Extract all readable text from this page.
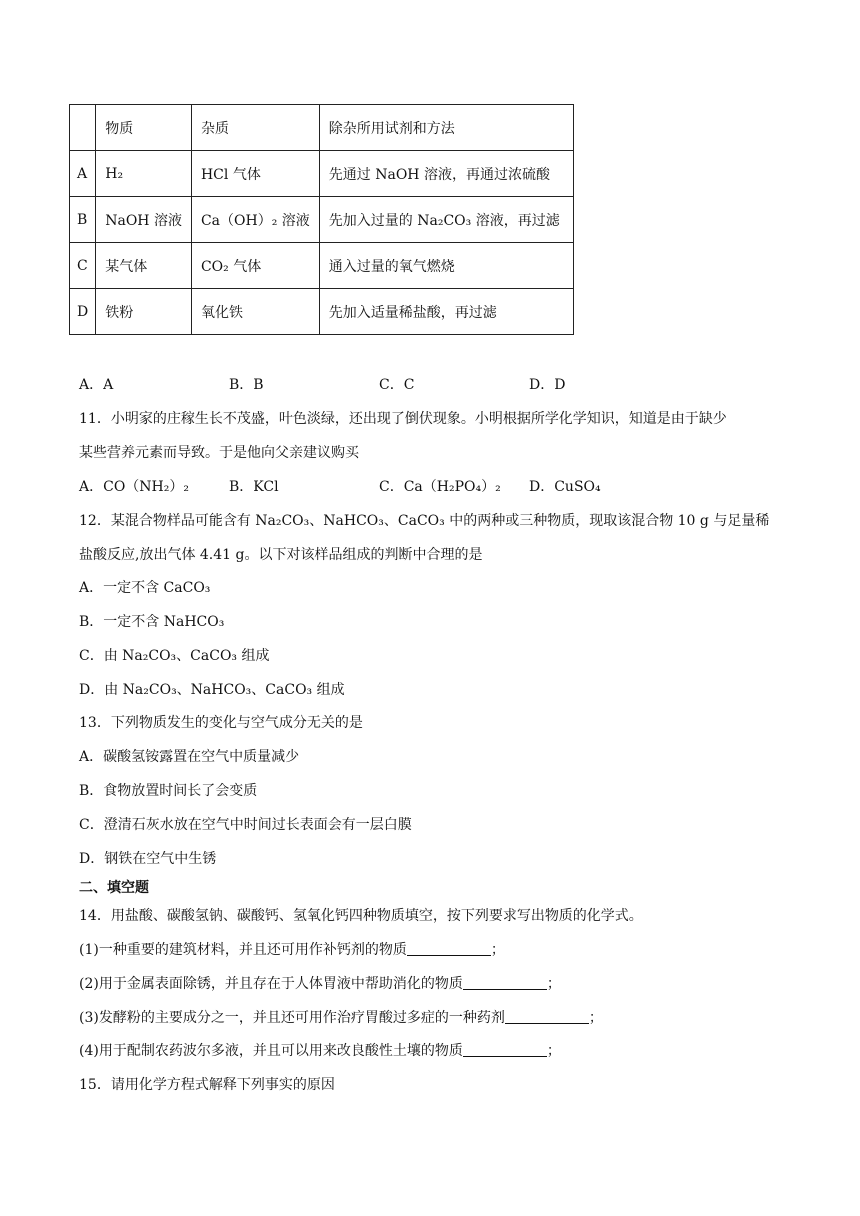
	物质	杂质	除杂所用试剂和方法
A	H₂	HCl 气体	先通过 NaOH 溶液，再通过浓硫酸
B	NaOH 溶液	Ca（OH）₂ 溶液	先加入过量的 Na₂CO₃ 溶液，再过滤
C	某气体	CO₂ 气体	通入过量的氧气燃烧
D	铁粉	氧化铁	先加入适量稀盐酸，再过滤
A．A	B．B	C．C	D．D
11．小明家的庄稼生长不茂盛，叶色淡绿，还出现了倒伏现象。小明根据所学化学知识，知道是由于缺少
某些营养元素而导致。于是他向父亲建议购买
A．CO（NH₂）₂	B．KCl	C．Ca（H₂PO₄）₂ D．CuSO₄
12．某混合物样品可能含有 Na₂CO₃、NaHCO₃、CaCO₃ 中的两种或三种物质，现取该混合物 10 g 与足量稀
盐酸反应,放出气体 4.41 g。以下对该样品组成的判断中合理的是
A．一定不含 CaCO₃
B．一定不含 NaHCO₃
C．由 Na₂CO₃、CaCO₃ 组成
D．由 Na₂CO₃、NaHCO₃、CaCO₃ 组成
13．下列物质发生的变化与空气成分无关的是
A．碳酸氢铵露置在空气中质量减少
B．食物放置时间长了会变质
C．澄清石灰水放在空气中时间过长表面会有一层白膜
D．钢铁在空气中生锈
二、填空题
14．用盐酸、碳酸氢钠、碳酸钙、氢氧化钙四种物质填空，按下列要求写出物质的化学式。
(1)一种重要的建筑材料，并且还可用作补钙剂的物质	；
(2)用于金属表面除锈，并且存在于人体胃液中帮助消化的物质	；
(3)发酵粉的主要成分之一，并且还可用作治疗胃酸过多症的一种药剂	；
(4)用于配制农药波尔多液，并且可以用来改良酸性土壤的物质	；
15．请用化学方程式解释下列事实的原因
